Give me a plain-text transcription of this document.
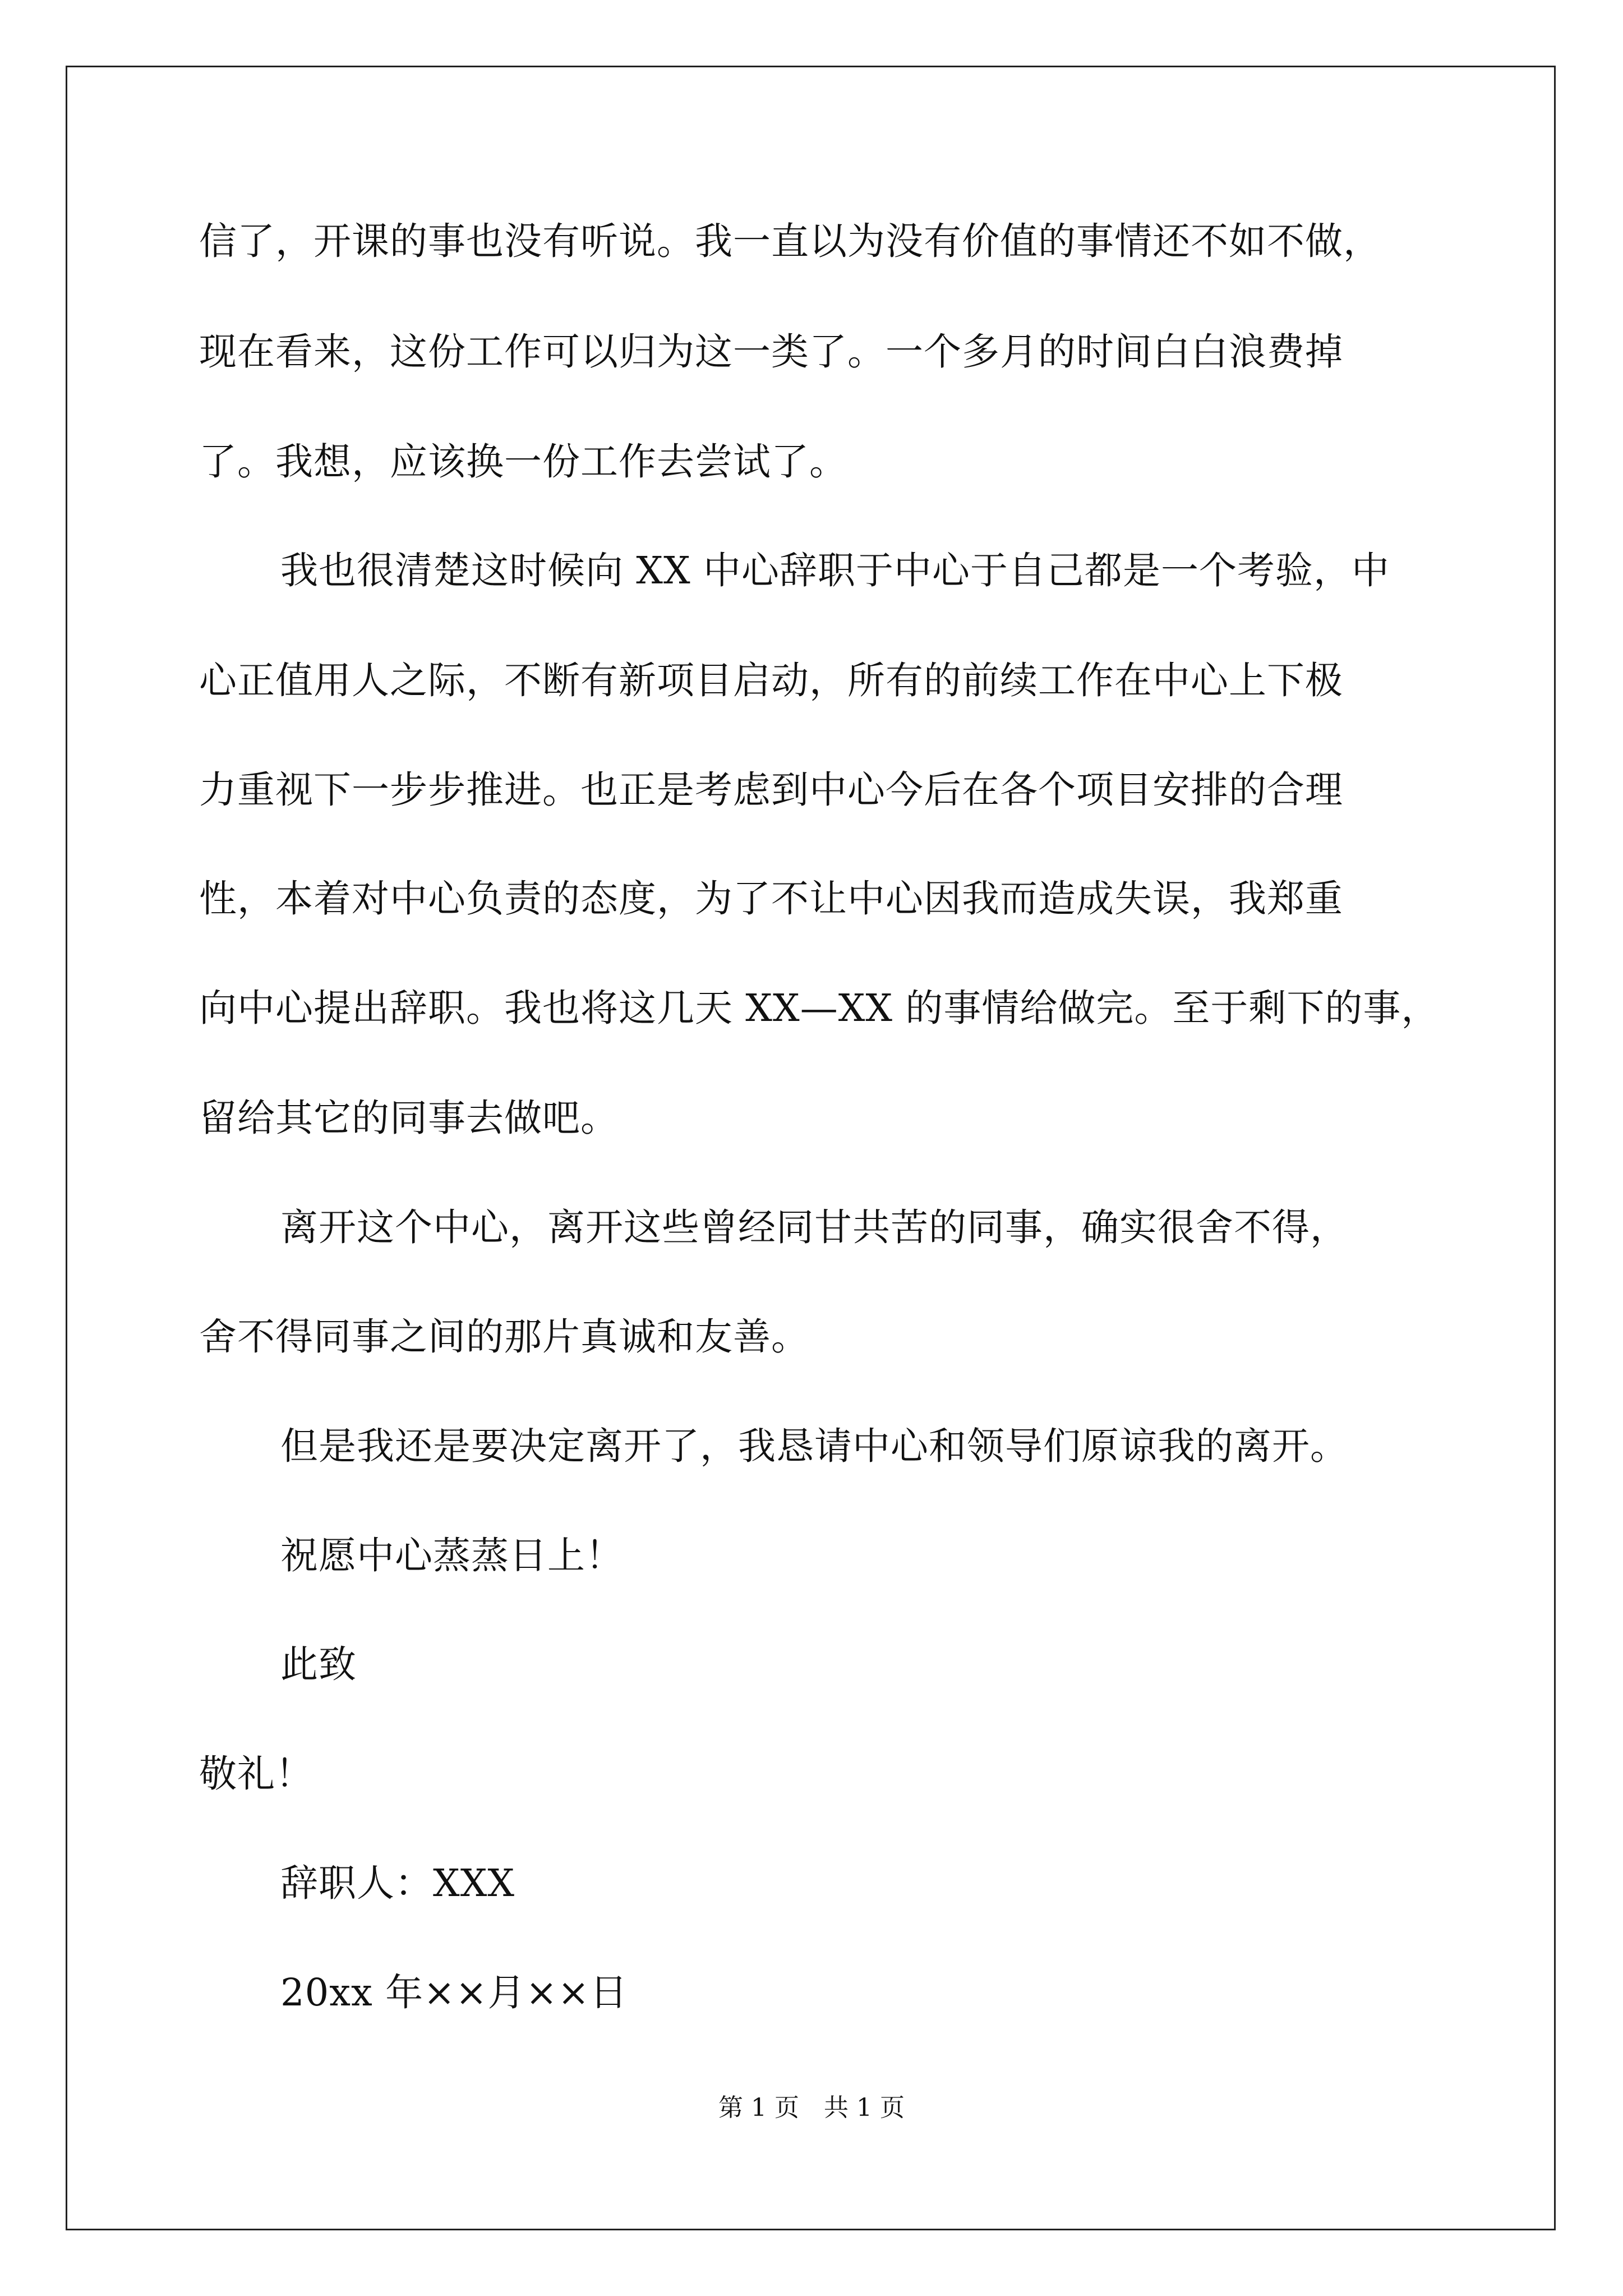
信了，开课的事也没有听说。我一直以为没有价值的事情还不如不做，
现在看来，这份工作可以归为这一类了。一个多月的时间白白浪费掉
了。我想，应该换一份工作去尝试了。
我也很清楚这时候向 XX 中心辞职于中心于自己都是一个考验，中
心正值用人之际，不断有新项目启动，所有的前续工作在中心上下极
力重视下一步步推进。也正是考虑到中心今后在各个项目安排的合理
性，本着对中心负责的态度，为了不让中心因我而造成失误，我郑重
向中心提出辞职。我也将这几天 XX—XX 的事情给做完。至于剩下的事，
留给其它的同事去做吧。
离开这个中心，离开这些曾经同甘共苦的同事，确实很舍不得，
舍不得同事之间的那片真诚和友善。
但是我还是要决定离开了，我恳请中心和领导们原谅我的离开。
祝愿中心蒸蒸日上！
此致
敬礼！
辞职人：XXX
20xx 年××月××日
第 1 页　共 1 页
